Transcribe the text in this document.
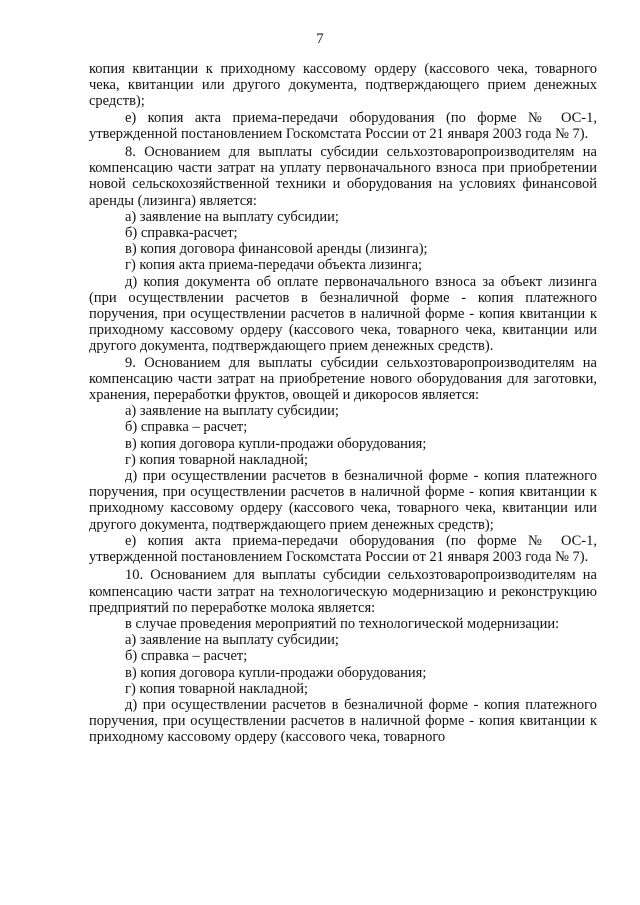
7

копия квитанции к приходному кассовому ордеру (кассового чека, товарного чека, квитанции или другого документа, подтверждающего прием денежных средств);

е) копия акта приема-передачи оборудования (по форме № ОС-1, утвержденной постановлением Госкомстата России от 21 января 2003 года № 7).

8. Основанием для выплаты субсидии сельхозтоваропроизводителям на компенсацию части затрат на уплату первоначального взноса при приобретении новой сельскохозяйственной техники и оборудования на условиях финансовой аренды (лизинга) является:

а) заявление на выплату субсидии;

б) справка-расчет;

в) копия договора финансовой аренды (лизинга);

г) копия акта приема-передачи объекта лизинга;

д) копия документа об оплате первоначального взноса за объект лизинга (при осуществлении расчетов в безналичной форме - копия платежного поручения, при осуществлении расчетов в наличной форме - копия квитанции к приходному кассовому ордеру (кассового чека, товарного чека, квитанции или другого документа, подтверждающего прием денежных средств).

9. Основанием для выплаты субсидии сельхозтоваропроизводителям на компенсацию части затрат на приобретение нового оборудования для заготовки, хранения, переработки фруктов, овощей и дикоросов является:

а) заявление на выплату субсидии;

б) справка – расчет;

в) копия договора купли-продажи оборудования;

г) копия товарной накладной;

д) при осуществлении расчетов в безналичной форме - копия платежного поручения, при осуществлении расчетов в наличной форме - копия квитанции к приходному кассовому ордеру (кассового чека, товарного чека, квитанции или другого документа, подтверждающего прием денежных средств);

е) копия акта приема-передачи оборудования (по форме № ОС-1, утвержденной постановлением Госкомстата России от 21 января 2003 года № 7).

10. Основанием для выплаты субсидии сельхозтоваропроизводителям на компенсацию части затрат на технологическую модернизацию и реконструкцию предприятий по переработке молока является:

в случае проведения мероприятий по технологической модернизации:

а) заявление на выплату субсидии;

б) справка – расчет;

в) копия договора купли-продажи оборудования;

г) копия товарной накладной;

д) при осуществлении расчетов в безналичной форме - копия платежного поручения, при осуществлении расчетов в наличной форме - копия квитанции к приходному кассовому ордеру (кассового чека, товарного
